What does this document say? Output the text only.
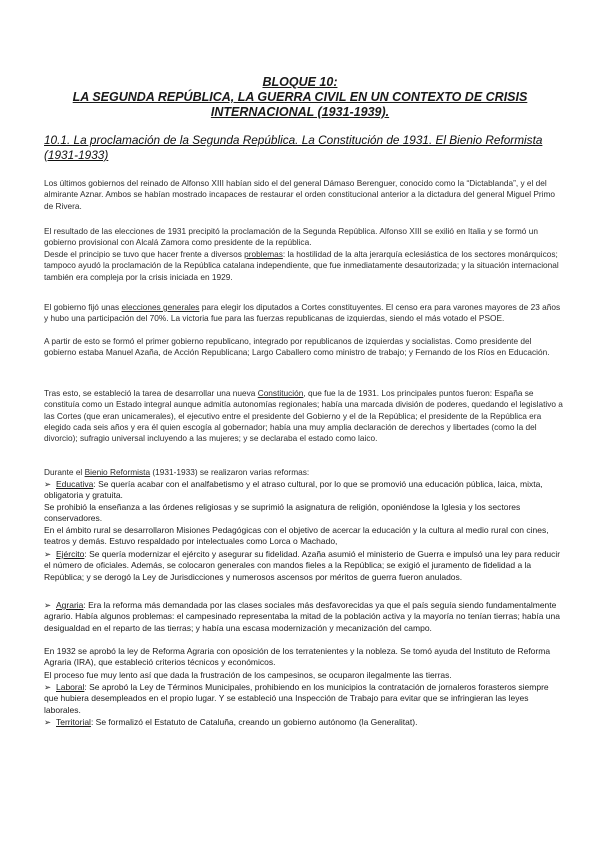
BLOQUE 10:
LA SEGUNDA REPÚBLICA, LA GUERRA CIVIL EN UN CONTEXTO DE CRISIS
INTERNACIONAL (1931-1939).

10.1. La proclamación de la Segunda República. La Constitución de 1931. El Bienio Reformista
(1931-1933)

Los últimos gobiernos del reinado de Alfonso XIII habían sido el del general Dámaso Berenguer, conocido como la “Dictablanda”, y el del almirante Aznar. Ambos se habían mostrado incapaces de restaurar el orden constitucional anterior a la dictadura del general Miguel Primo de Rivera.

El resultado de las elecciones de 1931 precipitó la proclamación de la Segunda República. Alfonso XIII se exilió en Italia y se formó un gobierno provisional con Alcalá Zamora como presidente de la república.

Desde el principio se tuvo que hacer frente a diversos problemas: la hostilidad de la alta jerarquía eclesiástica de los sectores monárquicos; tampoco ayudó la proclamación de la República catalana independiente, que fue inmediatamente desautorizada; y la situación internacional también era compleja por la crisis iniciada en 1929.

El gobierno fijó unas elecciones generales para elegir los diputados a Cortes constituyentes. El censo era para varones mayores de 23 años y hubo una participación del 70%. La victoria fue para las fuerzas republicanas de izquierdas, siendo el más votado el PSOE.

A partir de esto se formó el primer gobierno republicano, integrado por republicanos de izquierdas y socialistas. Como presidente del gobierno estaba Manuel Azaña, de Acción Republicana; Largo Caballero como ministro de trabajo; y Fernando de los Ríos en Educación.

Tras esto, se estableció la tarea de desarrollar una nueva Constitución, que fue la de 1931. Los principales puntos fueron: España se constituía como un Estado integral aunque admitía autonomías regionales; había una marcada división de poderes, quedando el legislativo a las Cortes (que eran unicamerales), el ejecutivo entre el presidente del Gobierno y el de la República; el presidente de la República era elegido cada seis años y era él quien escogía al gobernador; había una muy amplia declaración de derechos y libertades (como la del divorcio); sufragio universal incluyendo a las mujeres; y se declaraba el estado como laico.

Durante el Bienio Reformista (1931-1933) se realizaron varias reformas:

➢ Educativa: Se quería acabar con el analfabetismo y el atraso cultural, por lo que se promovió una educación pública, laica, mixta, obligatoria y gratuita.

Se prohibió la enseñanza a las órdenes religiosas y se suprimió la asignatura de religión, oponiéndose la Iglesia y los sectores conservadores.

En el ámbito rural se desarrollaron Misiones Pedagógicas con el objetivo de acercar la educación y la cultura al medio rural con cines, teatros y demás. Estuvo respaldado por intelectuales como Lorca o Machado,

➢ Ejército: Se quería modernizar el ejército y asegurar su fidelidad. Azaña asumió el ministerio de Guerra e impulsó una ley para reducir el número de oficiales. Además, se colocaron generales con mandos fieles a la República; se exigió el juramento de fidelidad a la República; y se derogó la Ley de Jurisdicciones y numerosos ascensos por méritos de guerra fueron anulados.

➢ Agraria: Era la reforma más demandada por las clases sociales más desfavorecidas ya que el país seguía siendo fundamentalmente agrario. Había algunos problemas: el campesinado representaba la mitad de la población activa y la mayoría no tenían tierras; había una desigualdad en el reparto de las tierras; y había una escasa modernización y mecanización del campo.

En 1932 se aprobó la ley de Reforma Agraria con oposición de los terratenientes y la nobleza. Se tomó ayuda del Instituto de Reforma Agraria (IRA), que estableció criterios técnicos y económicos.

El proceso fue muy lento así que dada la frustración de los campesinos, se ocuparon ilegalmente las tierras.

➢ Laboral: Se aprobó la Ley de Términos Municipales, prohibiendo en los municipios la contratación de jornaleros forasteros siempre que hubiera desempleados en el propio lugar. Y se estableció una Inspección de Trabajo para evitar que se infringieran las leyes laborales.

➢ Territorial: Se formalizó el Estatuto de Cataluña, creando un gobierno autónomo (la Generalitat).
